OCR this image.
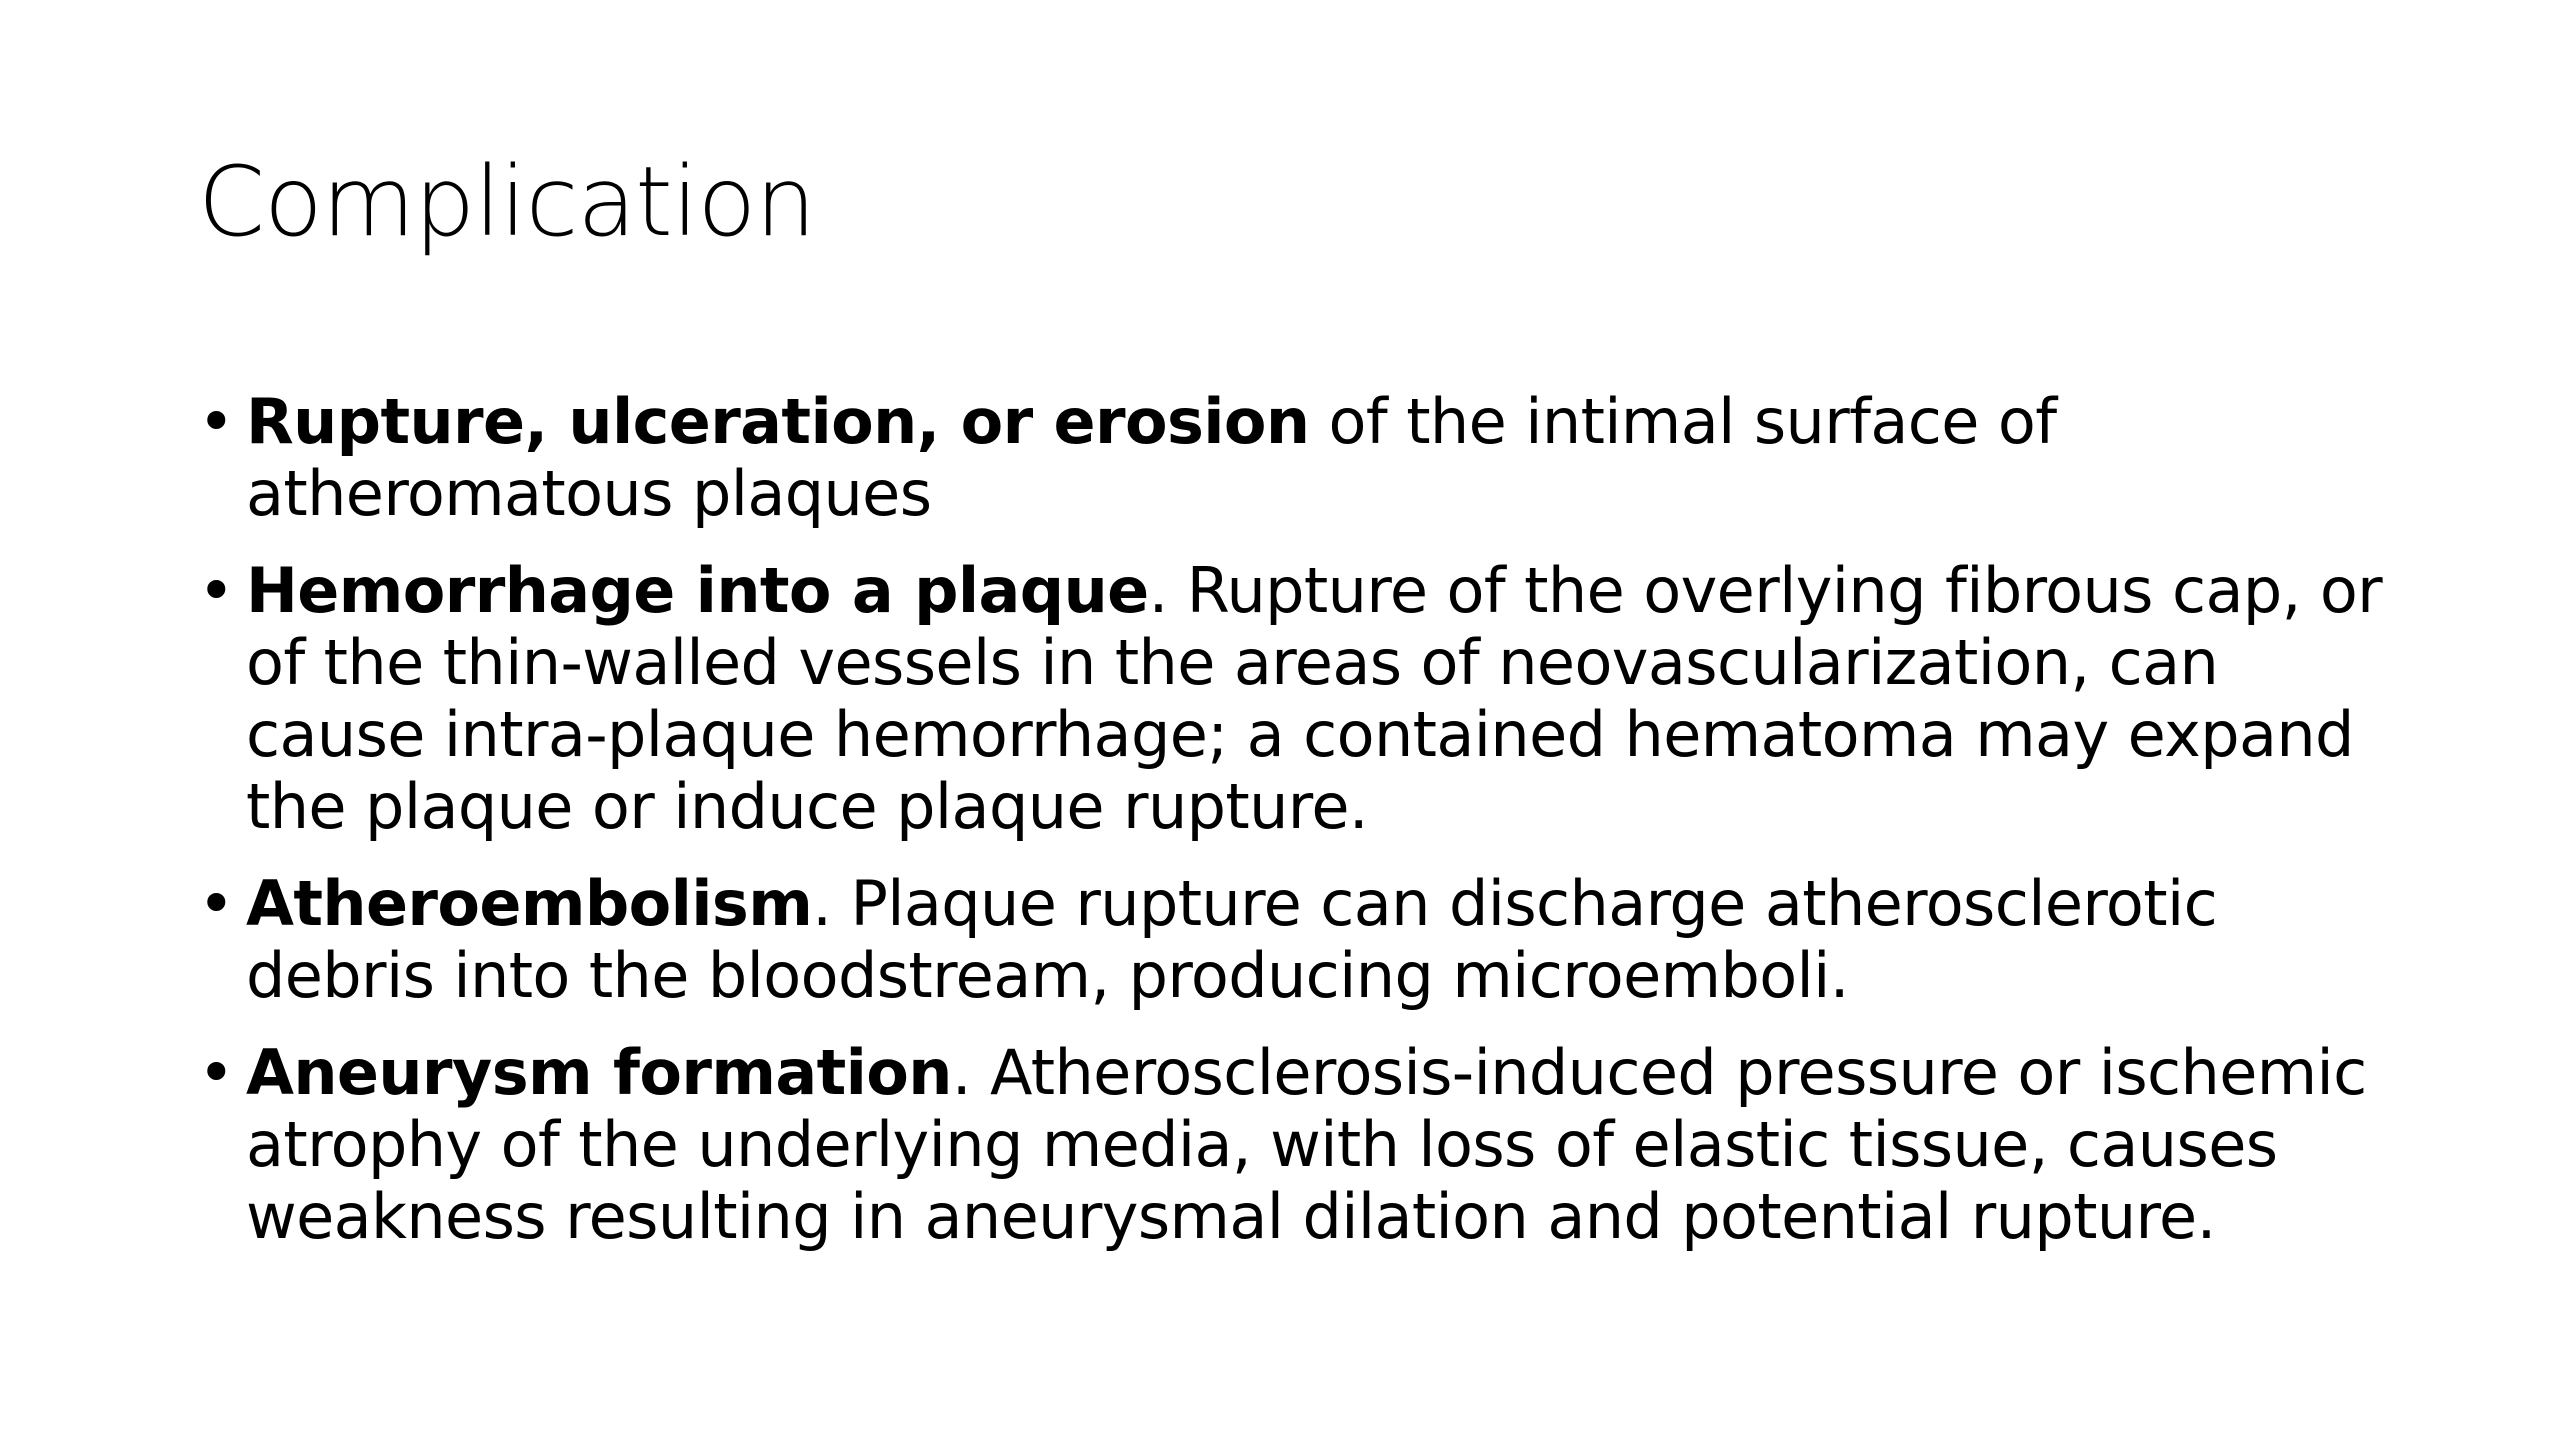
Complication
• Rupture, ulceration, or erosion of the intimal surface of atheromatous plaques
• Hemorrhage into a plaque. Rupture of the overlying fibrous cap, or of the thin-walled vessels in the areas of neovascularization, can cause intra-plaque hemorrhage; a contained hematoma may expand the plaque or induce plaque rupture.
• Atheroembolism. Plaque rupture can discharge atherosclerotic debris into the bloodstream, producing microemboli.
• Aneurysm formation. Atherosclerosis-induced pressure or ischemic atrophy of the underlying media, with loss of elastic tissue, causes weakness resulting in aneurysmal dilation and potential rupture.
